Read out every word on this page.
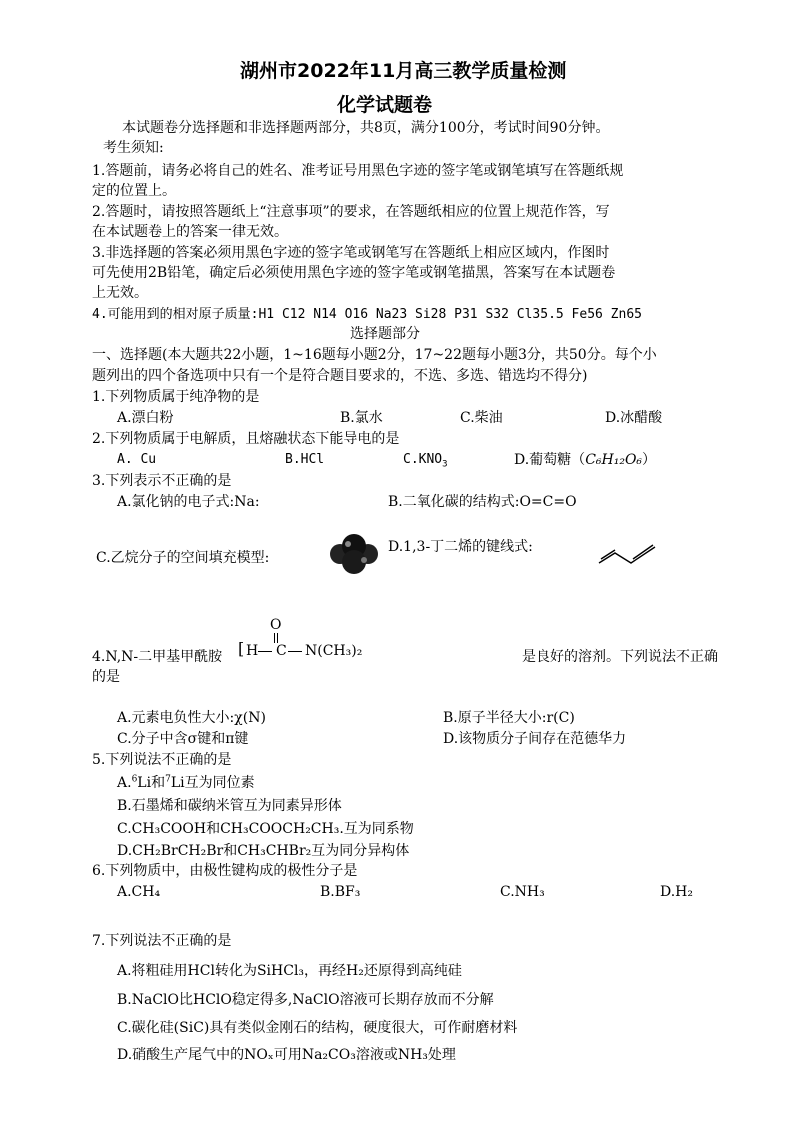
湖州市2022年11月高三教学质量检测
化学试题卷
本试题卷分选择题和非选择题两部分，共8页，满分100分，考试时间90分钟。
考生须知:
1.答题前，请务必将自己的姓名、准考证号用黑色字迹的签字笔或钢笔填写在答题纸规
定的位置上。
2.答题时，请按照答题纸上“注意事项”的要求，在答题纸相应的位置上规范作答，写
在本试题卷上的答案一律无效。
3.非选择题的答案必须用黑色字迹的签字笔或钢笔写在答题纸上相应区域内，作图时
可先使用2B铅笔，确定后必须使用黑色字迹的签字笔或钢笔描黑，答案写在本试题卷
上无效。
4.可能用到的相对原子质量:H1 C12 N14 O16 Na23 Si28 P31 S32 Cl35.5 Fe56 Zn65
选择题部分
一、选择题(本大题共22小题，1~16题每小题2分，17~22题每小题3分，共50分。每个小
题列出的四个备选项中只有一个是符合题目要求的，不选、多选、错选均不得分)
1.下列物质属于纯净物的是
A.漂白粉	B.氯水	C.柴油	D.冰醋酸
2.下列物质属于电解质，且熔融状态下能导电的是
A. Cu	B.HCl	$C.KNO_3$	D.葡萄糖（C₆H₁₂O₆）
3.下列表示不正确的是
A.氯化钠的电子式:Na:	B.二氧化碳的结构式:O=C=O
C.乙烷分子的空间填充模型:
D.1,3-丁二烯的键线式:
4.N,N-二甲基甲酰胺 [ H C N(CH₃)₂
O
是良好的溶剂。下列说法不正确
的是
A.元素电负性大小:χ(N)	B.原子半径大小:r(C)
C.分子中含σ键和π键	D.该物质分子间存在范德华力
5.下列说法不正确的是
A.$^6$Li和$^7$Li互为同位素
B.石墨烯和碳纳米管互为同素异形体
C.CH₃COOH和CH₃COOCH₂CH₃.互为同系物
D.CH₂BrCH₂Br和CH₃CHBr₂互为同分异构体
6.下列物质中，由极性键构成的极性分子是
A.CH₄	B.BF₃	C.NH₃	D.H₂
7.下列说法不正确的是
A.将粗硅用HCl转化为SiHCl₃，再经H₂还原得到高纯硅
B.NaClO比HClO稳定得多,NaClO溶液可长期存放而不分解
C.碳化硅(SiC)具有类似金刚石的结构，硬度很大，可作耐磨材料
D.硝酸生产尾气中的NOₓ可用Na₂CO₃溶液或NH₃处理
